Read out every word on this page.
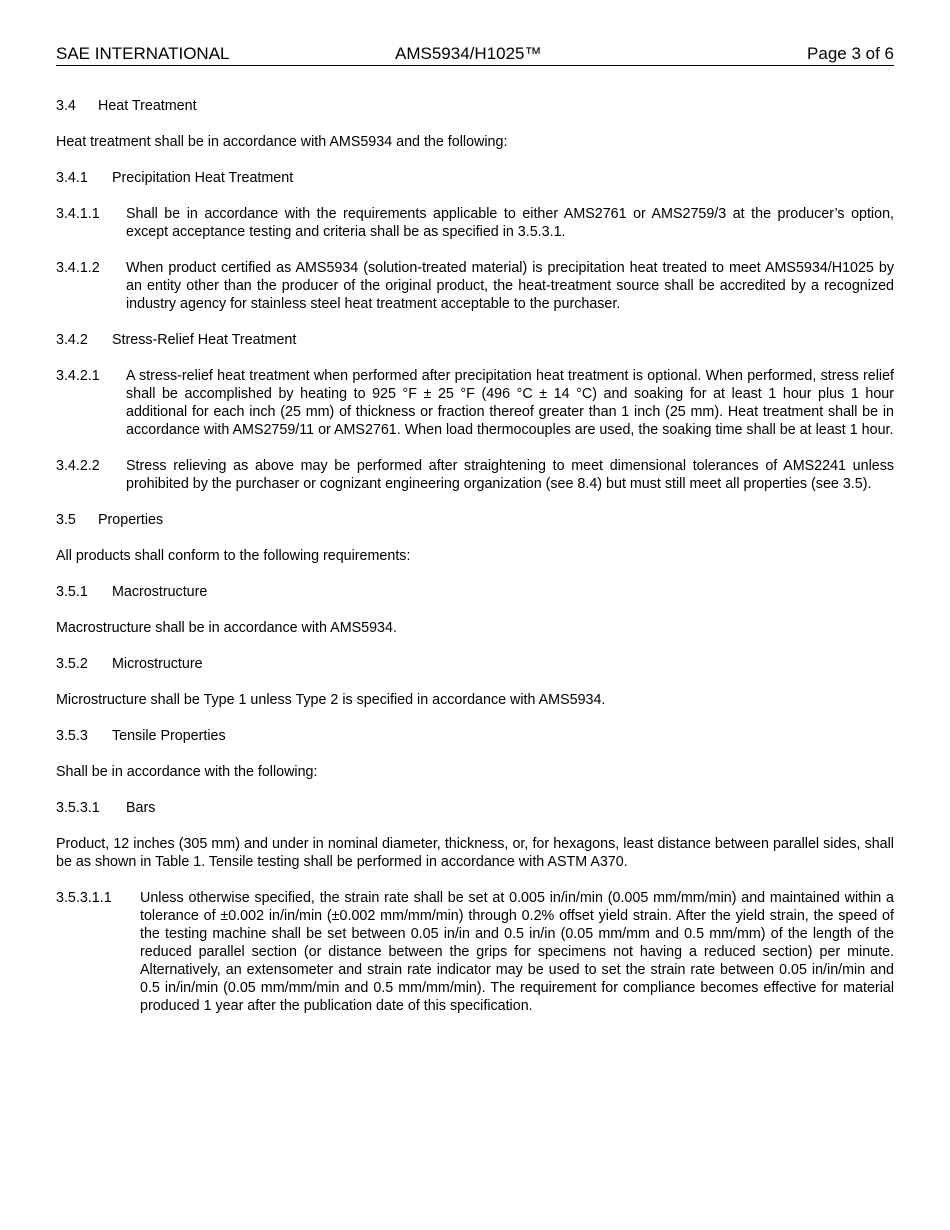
SAE INTERNATIONAL	AMS5934/H1025™	Page 3 of 6
3.4	Heat Treatment
Heat treatment shall be in accordance with AMS5934 and the following:
3.4.1	Precipitation Heat Treatment
3.4.1.1	Shall be in accordance with the requirements applicable to either AMS2761 or AMS2759/3 at the producer’s option, except acceptance testing and criteria shall be as specified in 3.5.3.1.
3.4.1.2	When product certified as AMS5934 (solution-treated material) is precipitation heat treated to meet AMS5934/H1025 by an entity other than the producer of the original product, the heat-treatment source shall be accredited by a recognized industry agency for stainless steel heat treatment acceptable to the purchaser.
3.4.2	Stress-Relief Heat Treatment
3.4.2.1	A stress-relief heat treatment when performed after precipitation heat treatment is optional. When performed, stress relief shall be accomplished by heating to 925 °F ± 25 °F (496 °C ± 14 °C) and soaking for at least 1 hour plus 1 hour additional for each inch (25 mm) of thickness or fraction thereof greater than 1 inch (25 mm). Heat treatment shall be in accordance with AMS2759/11 or AMS2761. When load thermocouples are used, the soaking time shall be at least 1 hour.
3.4.2.2	Stress relieving as above may be performed after straightening to meet dimensional tolerances of AMS2241 unless prohibited by the purchaser or cognizant engineering organization (see 8.4) but must still meet all properties (see 3.5).
3.5	Properties
All products shall conform to the following requirements:
3.5.1	Macrostructure
Macrostructure shall be in accordance with AMS5934.
3.5.2	Microstructure
Microstructure shall be Type 1 unless Type 2 is specified in accordance with AMS5934.
3.5.3	Tensile Properties
Shall be in accordance with the following:
3.5.3.1	Bars
Product, 12 inches (305 mm) and under in nominal diameter, thickness, or, for hexagons, least distance between parallel sides, shall be as shown in Table 1. Tensile testing shall be performed in accordance with ASTM A370.
3.5.3.1.1	Unless otherwise specified, the strain rate shall be set at 0.005 in/in/min (0.005 mm/mm/min) and maintained within a tolerance of ±0.002 in/in/min (±0.002 mm/mm/min) through 0.2% offset yield strain. After the yield strain, the speed of the testing machine shall be set between 0.05 in/in and 0.5 in/in (0.05 mm/mm and 0.5 mm/mm) of the length of the reduced parallel section (or distance between the grips for specimens not having a reduced section) per minute. Alternatively, an extensometer and strain rate indicator may be used to set the strain rate between 0.05 in/in/min and 0.5 in/in/min (0.05 mm/mm/min and 0.5 mm/mm/min). The requirement for compliance becomes effective for material produced 1 year after the publication date of this specification.
